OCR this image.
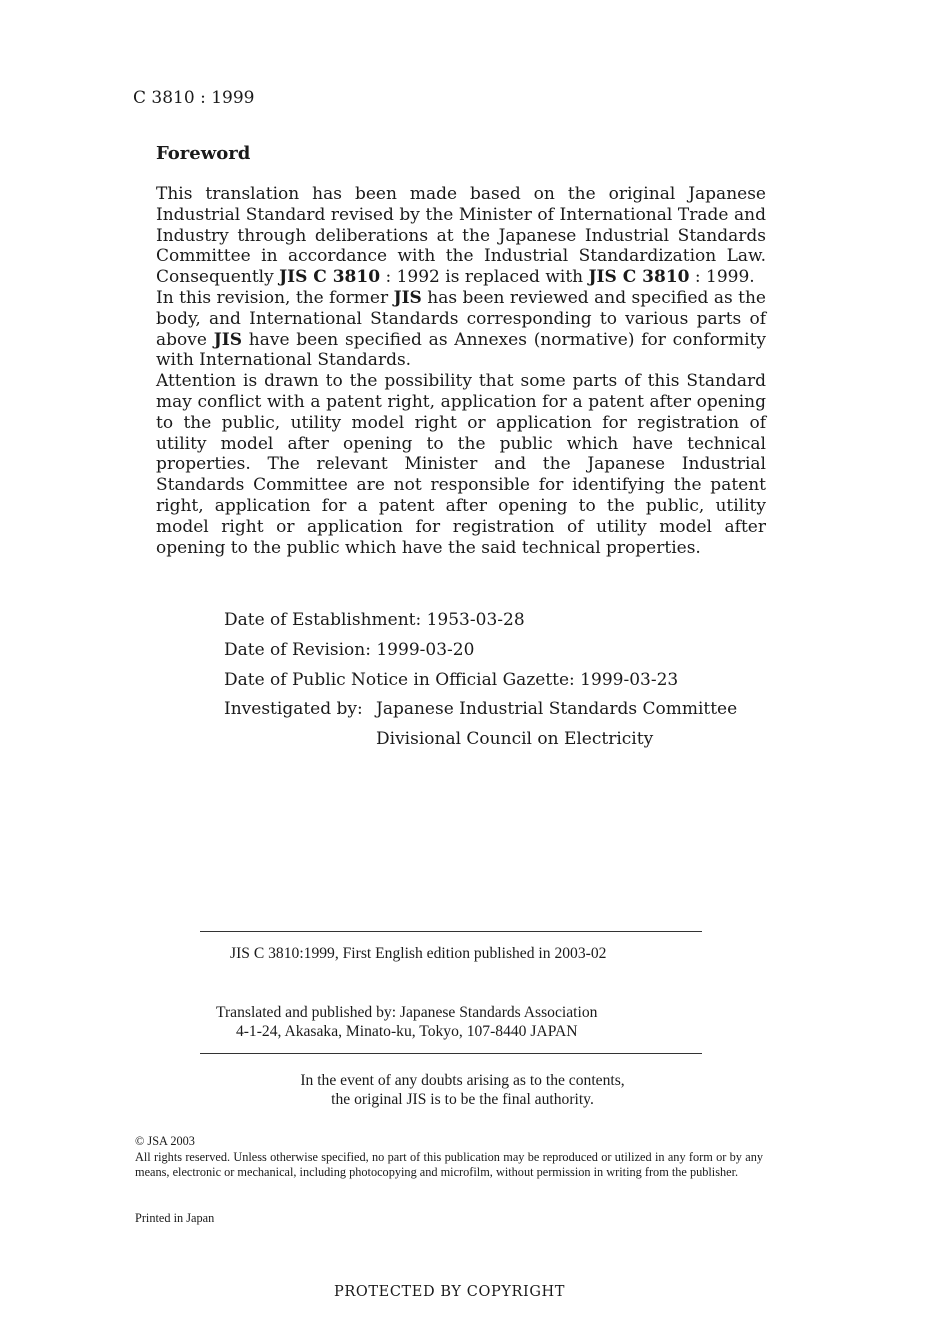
C 3810 : 1999
Foreword

This translation has been made based on the original Japanese Industrial Standard revised by the Minister of International Trade and Industry through deliberations at the Japanese Industrial Standards Committee in accordance with the Industrial Standardization Law. Consequently JIS C 3810 : 1992 is replaced with JIS C 3810 : 1999.

In this revision, the former JIS has been reviewed and specified as the body, and International Standards corresponding to various parts of above JIS have been specified as Annexes (normative) for conformity with International Standards.

Attention is drawn to the possibility that some parts of this Standard may conflict with a patent right, application for a patent after opening to the public, utility model right or application for registration of utility model after opening to the public which have technical properties. The relevant Minister and the Japanese Industrial Standards Committee are not responsible for identifying the patent right, application for a patent after opening to the public, utility model right or application for registration of utility model after opening to the public which have the said technical properties.

Date of Establishment: 1953-03-28
Date of Revision: 1999-03-20
Date of Public Notice in Official Gazette: 1999-03-23
Investigated by: Japanese Industrial Standards Committee
Divisional Council on Electricity
JIS C 3810:1999, First English edition published in 2003-02
Translated and published by: Japanese Standards Association
4-1-24, Akasaka, Minato-ku, Tokyo, 107-8440 JAPAN
In the event of any doubts arising as to the contents,
the original JIS is to be the final authority.
© JSA 2003
All rights reserved. Unless otherwise specified, no part of this publication may be reproduced or utilized in any form or by any means, electronic or mechanical, including photocopying and microfilm, without permission in writing from the publisher.
Printed in Japan
PROTECTED BY COPYRIGHT
